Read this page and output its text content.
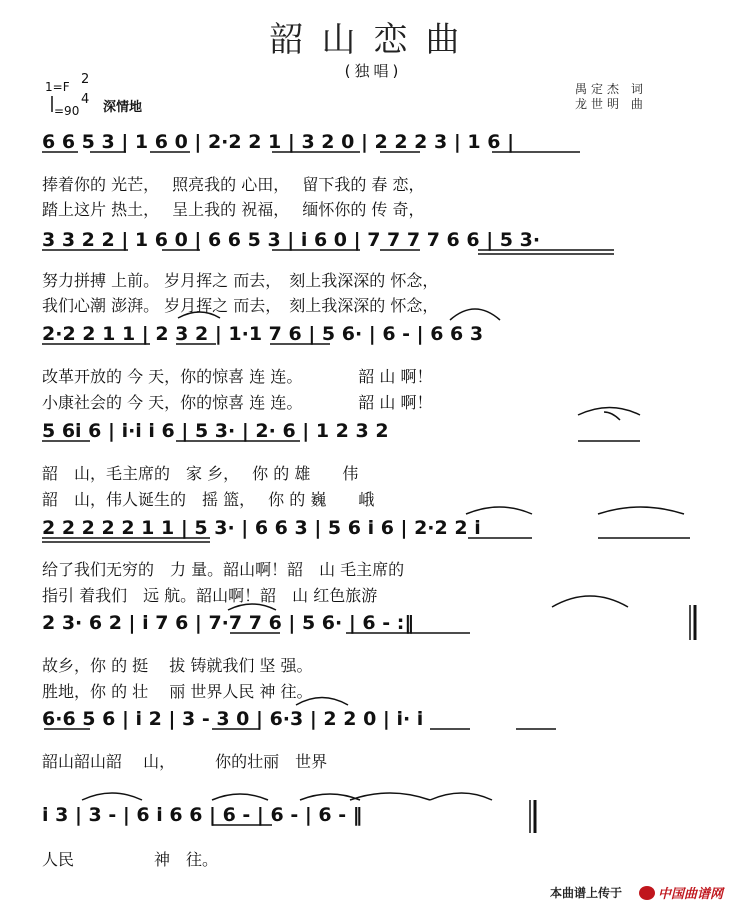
韶山恋曲
(独唱)
禺定杰 词
龙世明 曲
1=F 2
4
=90 深情地
6 6 5 3 | 1 6 0 | 2·2 2 1 | 3 2 0 | 2 2 2 3 | 1 6 |
3 3 2 2 | 1 6 0 | 6 6 5 3 | i 6 0 | 7 7 7 7 6 6 | 5 3·
2·2 2 1 1 | 2 3 2 | 1·1 7 6 | 5 6· | 6 - | 6 6 3
5 6i 6 | i·i i 6 | 5 3· | 2· 6 | 1 2 3 2
2 2 2 2 2 1 1 | 5 3· | 6 6 3 | 5 6 i 6 | 2·2 2 i
2 3· 6 2 | i 7 6 | 7·7 7 6 | 5 6· | 6 - :‖
6·6 5 6 | i 2 | 3 - 3 0 | 6·3 | 2 2 0 | i· i
i 3 | 3 - | 6 i 6 6 | 6 - | 6 - | 6 - ‖
捧着你的 光芒，　 照亮我的 心田，　 留下我的 春 恋，
踏上这片 热土，　 呈上我的 祝福，　 缅怀你的 传 奇，
努力拼搏 上前。 岁月挥之 而去，　刻上我深深的 怀念，
我们心潮 澎湃。 岁月挥之 而去，　刻上我深深的 怀念，
改革开放的 今 天，你的惊喜 连 连。　　　　韶 山 啊！
小康社会的 今 天，你的惊喜 连 连。　　　　韶 山 啊！
韶　山，毛主席的　家 乡，　 你 的 雄　　伟
韶　山，伟人诞生的　摇 篮，　 你 的 巍　　峨
给了我们无穷的　力 量。韶山啊！韶　山 毛主席的
指引 着我们　远 航。韶山啊！韶　山 红色旅游
故乡，你 的 挺　 拔 铸就我们 坚 强。
胜地，你 的 壮　 丽 世界人民 神 往。
韶山韶山韶　 山，　　　你的壮丽　世界
人民　　　　　神　往。
本曲谱上传于	中国曲谱网
